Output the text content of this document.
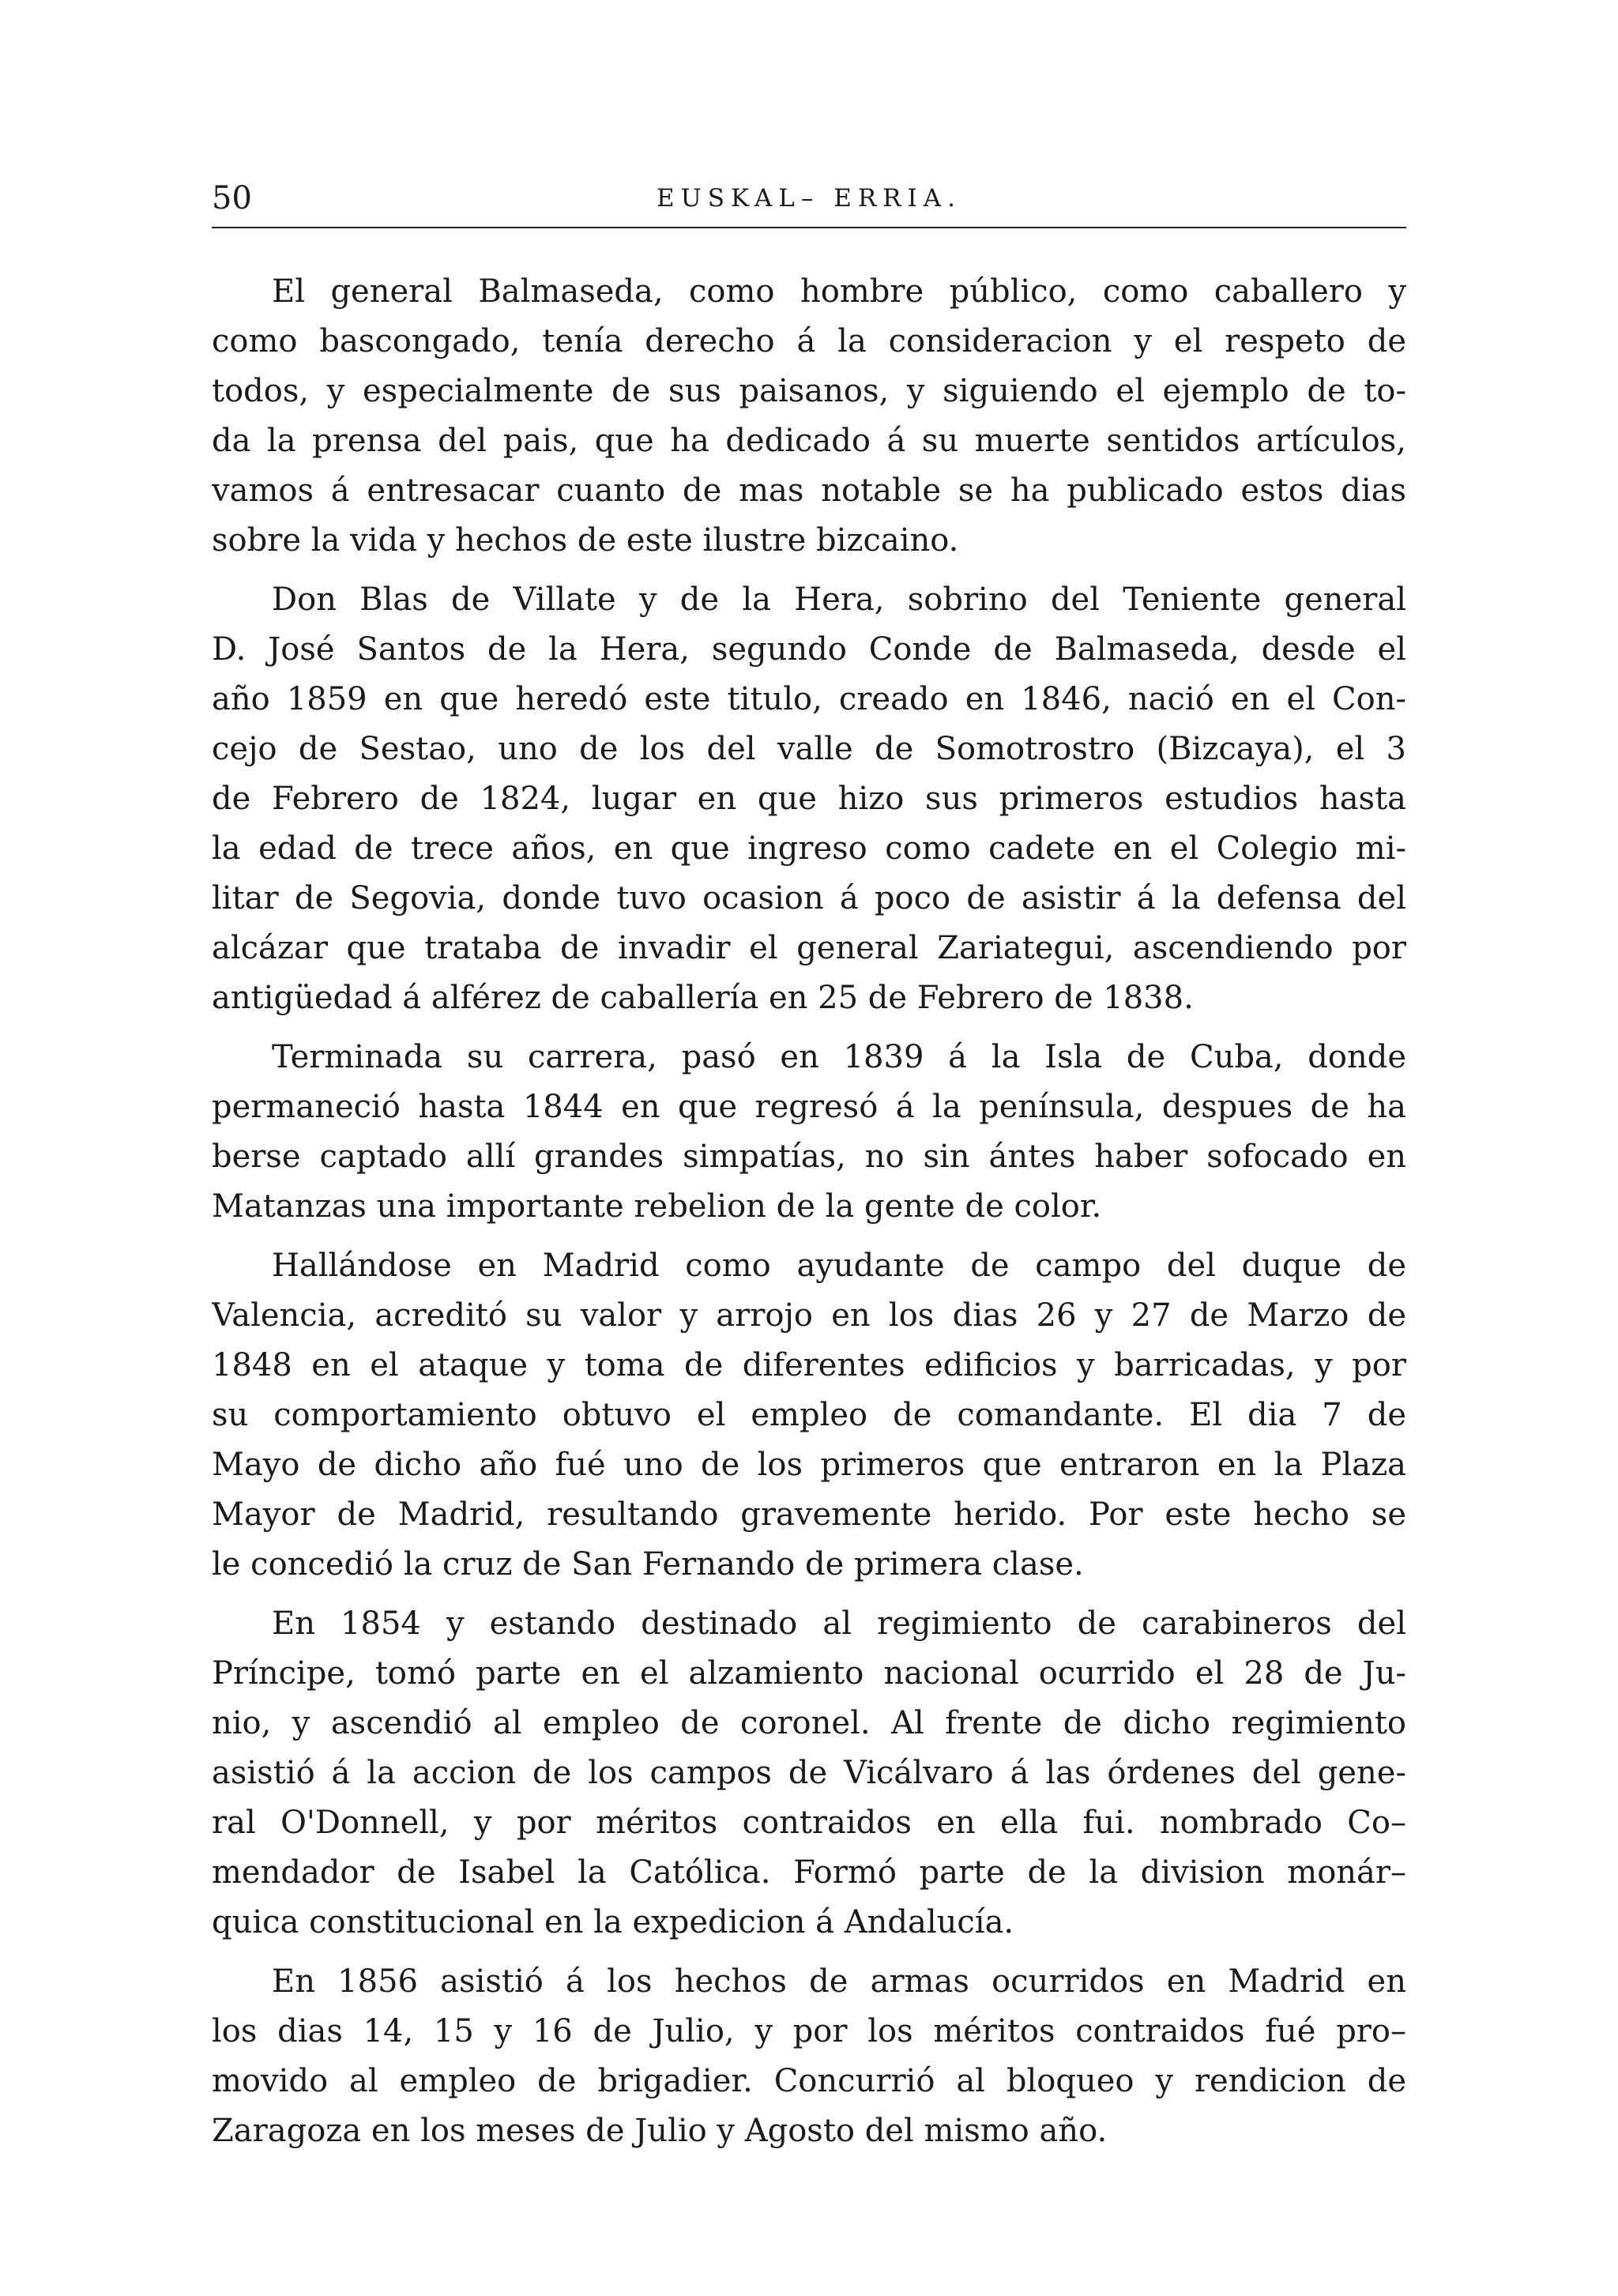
50	EUSKAL– ERRIA.
El general Balmaseda, como hombre público, como caballero y
como bascongado, tenía derecho á la consideracion y el respeto de
todos, y especialmente de sus paisanos, y siguiendo el ejemplo de to-
da la prensa del pais, que ha dedicado á su muerte sentidos artículos,
vamos á entresacar cuanto de mas notable se ha publicado estos dias
sobre la vida y hechos de este ilustre bizcaino.
Don Blas de Villate y de la Hera, sobrino del Teniente general
D. José Santos de la Hera, segundo Conde de Balmaseda, desde el
año 1859 en que heredó este titulo, creado en 1846, nació en el Con-
cejo de Sestao, uno de los del valle de Somotrostro (Bizcaya), el 3
de Febrero de 1824, lugar en que hizo sus primeros estudios hasta
la edad de trece años, en que ingreso como cadete en el Colegio mi-
litar de Segovia, donde tuvo ocasion á poco de asistir á la defensa del
alcázar que trataba de invadir el general Zariategui, ascendiendo por
antigüedad á alférez de caballería en 25 de Febrero de 1838.
Terminada su carrera, pasó en 1839 á la Isla de Cuba, donde
permaneció hasta 1844 en que regresó á la península, despues de ha
berse captado allí grandes simpatías, no sin ántes haber sofocado en
Matanzas una importante rebelion de la gente de color.
Hallándose en Madrid como ayudante de campo del duque de
Valencia, acreditó su valor y arrojo en los dias 26 y 27 de Marzo de
1848 en el ataque y toma de diferentes edificios y barricadas, y por
su comportamiento obtuvo el empleo de comandante. El dia 7 de
Mayo de dicho año fué uno de los primeros que entraron en la Plaza
Mayor de Madrid, resultando gravemente herido. Por este hecho se
le concedió la cruz de San Fernando de primera clase.
En 1854 y estando destinado al regimiento de carabineros del
Príncipe, tomó parte en el alzamiento nacional ocurrido el 28 de Ju-
nio, y ascendió al empleo de coronel. Al frente de dicho regimiento
asistió á la accion de los campos de Vicálvaro á las órdenes del gene-
ral O'Donnell, y por méritos contraidos en ella fui. nombrado Co–
mendador de Isabel la Católica. Formó parte de la division monár–
quica constitucional en la expedicion á Andalucía.
En 1856 asistió á los hechos de armas ocurridos en Madrid en
los dias 14, 15 y 16 de Julio, y por los méritos contraidos fué pro–
movido al empleo de brigadier. Concurrió al bloqueo y rendicion de
Zaragoza en los meses de Julio y Agosto del mismo año.
